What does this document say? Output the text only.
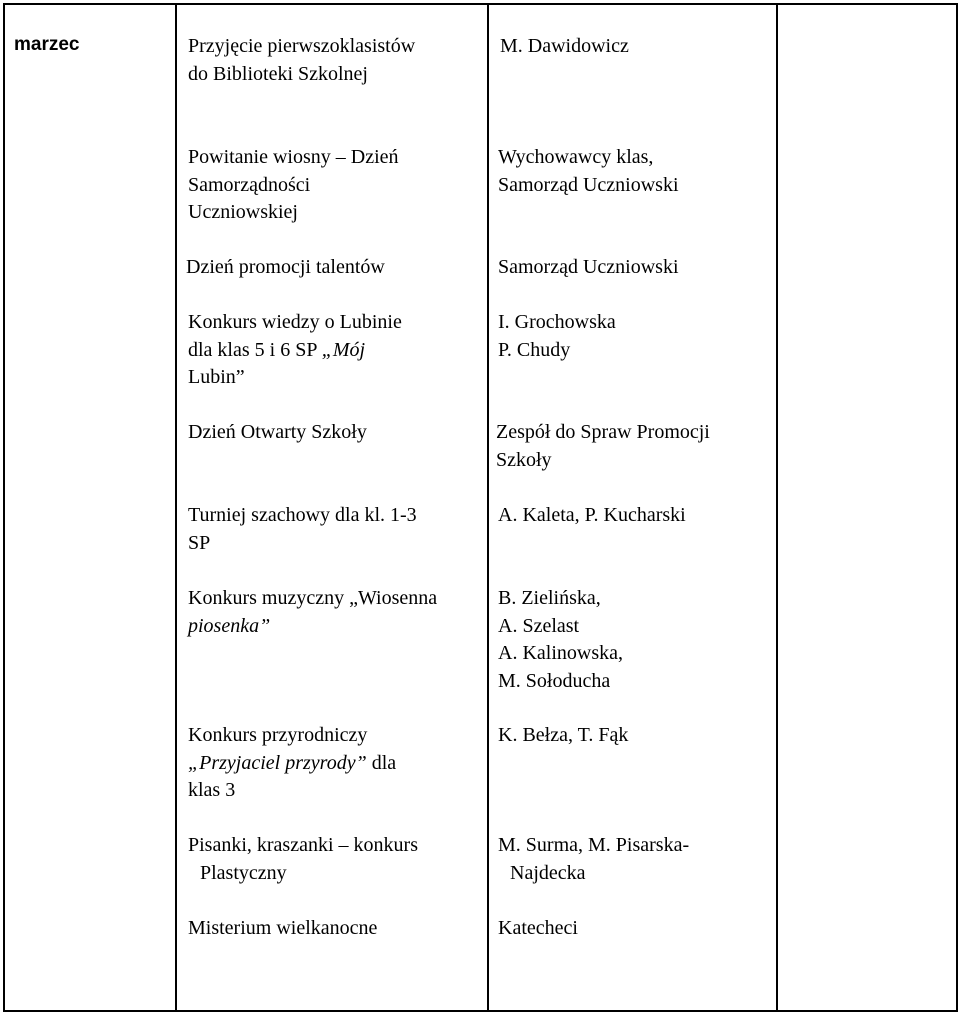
marzec	Przyjęcie pierwszoklasistów
do Biblioteki Szkolnej
Powitanie wiosny – Dzień
Samorządności
Uczniowskiej
Dzień promocji talentów
Konkurs wiedzy o Lubinie
dla klas 5 i 6 SP „Mój
Lubin”
Dzień Otwarty Szkoły
Turniej szachowy dla kl. 1-3
SP
Konkurs muzyczny „Wiosenna
piosenka”
Konkurs przyrodniczy
„Przyjaciel przyrody” dla
klas 3
Pisanki, kraszanki – konkurs
Plastyczny
Misterium wielkanocne
M. Dawidowicz
Wychowawcy klas,
Samorząd Uczniowski
Samorząd Uczniowski
I. Grochowska
P. Chudy
Zespół do Spraw Promocji
Szkoły
A. Kaleta, P. Kucharski
B. Zielińska,
A. Szelast
A. Kalinowska,
M. Sołoducha
K. Bełza, T. Fąk
M. Surma, M. Pisarska-
Najdecka
Katecheci
